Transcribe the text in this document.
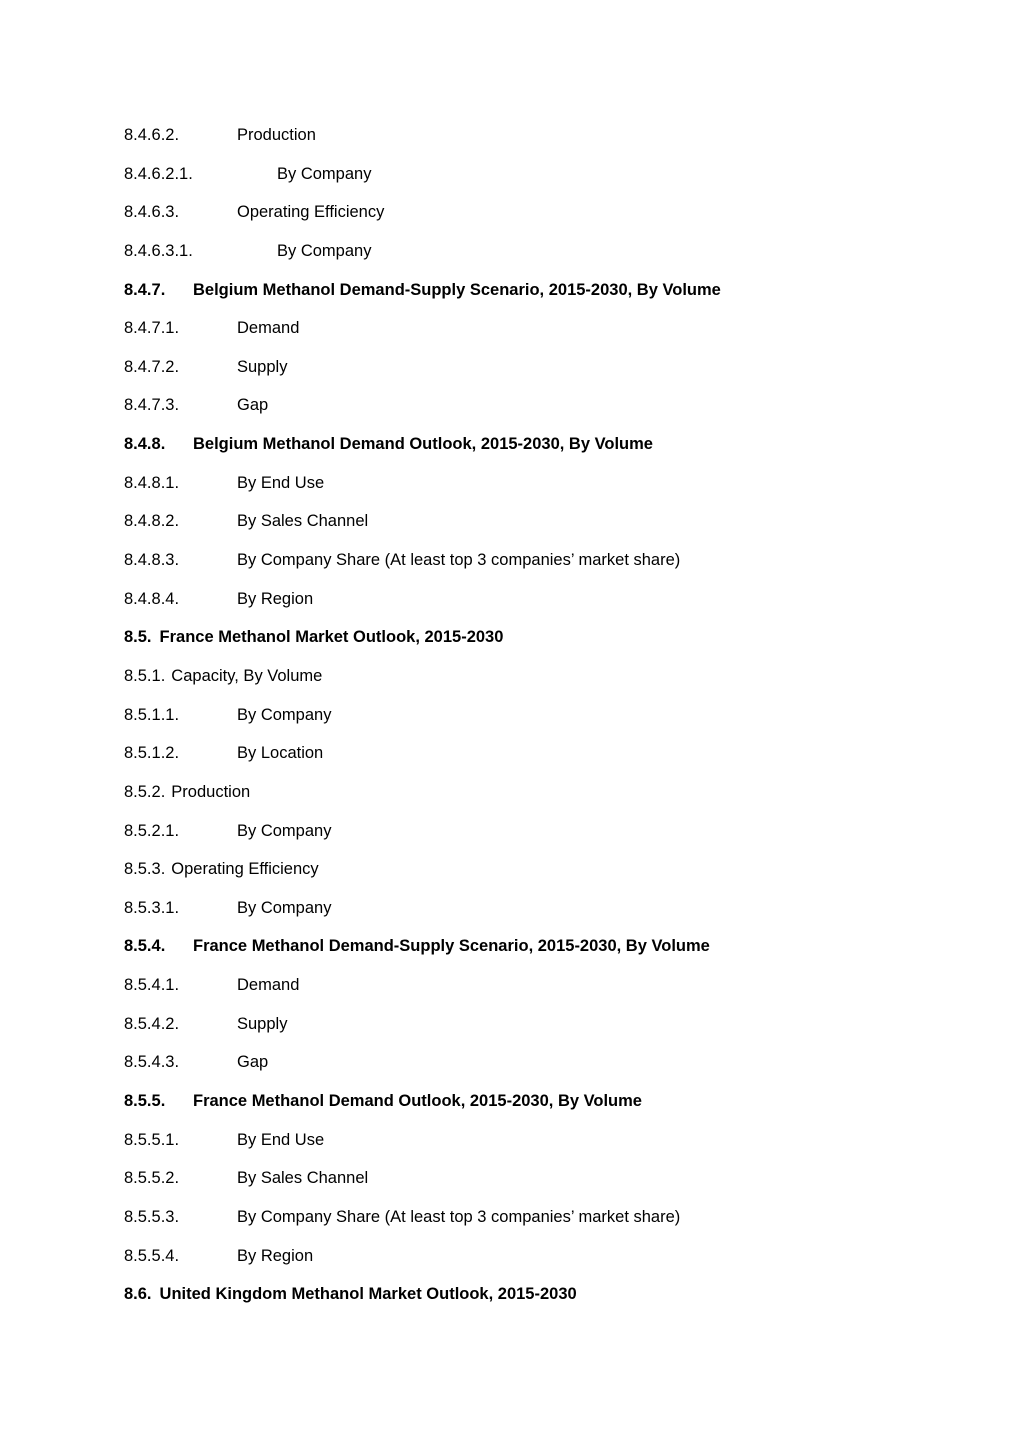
8.4.6.2.	Production
8.4.6.2.1.	By Company
8.4.6.3.	Operating Efficiency
8.4.6.3.1.	By Company
8.4.7. Belgium Methanol Demand-Supply Scenario, 2015-2030, By Volume
8.4.7.1.	Demand
8.4.7.2.	Supply
8.4.7.3.	Gap
8.4.8. Belgium Methanol Demand Outlook, 2015-2030, By Volume
8.4.8.1.	By End Use
8.4.8.2.	By Sales Channel
8.4.8.3.	By Company Share (At least top 3 companies’ market share)
8.4.8.4.	By Region
8.5. France Methanol Market Outlook, 2015-2030
8.5.1. Capacity, By Volume
8.5.1.1.	By Company
8.5.1.2.	By Location
8.5.2. Production
8.5.2.1.	By Company
8.5.3. Operating Efficiency
8.5.3.1.	By Company
8.5.4. France Methanol Demand-Supply Scenario, 2015-2030, By Volume
8.5.4.1.	Demand
8.5.4.2.	Supply
8.5.4.3.	Gap
8.5.5. France Methanol Demand Outlook, 2015-2030, By Volume
8.5.5.1.	By End Use
8.5.5.2.	By Sales Channel
8.5.5.3.	By Company Share (At least top 3 companies’ market share)
8.5.5.4.	By Region
8.6. United Kingdom Methanol Market Outlook, 2015-2030
